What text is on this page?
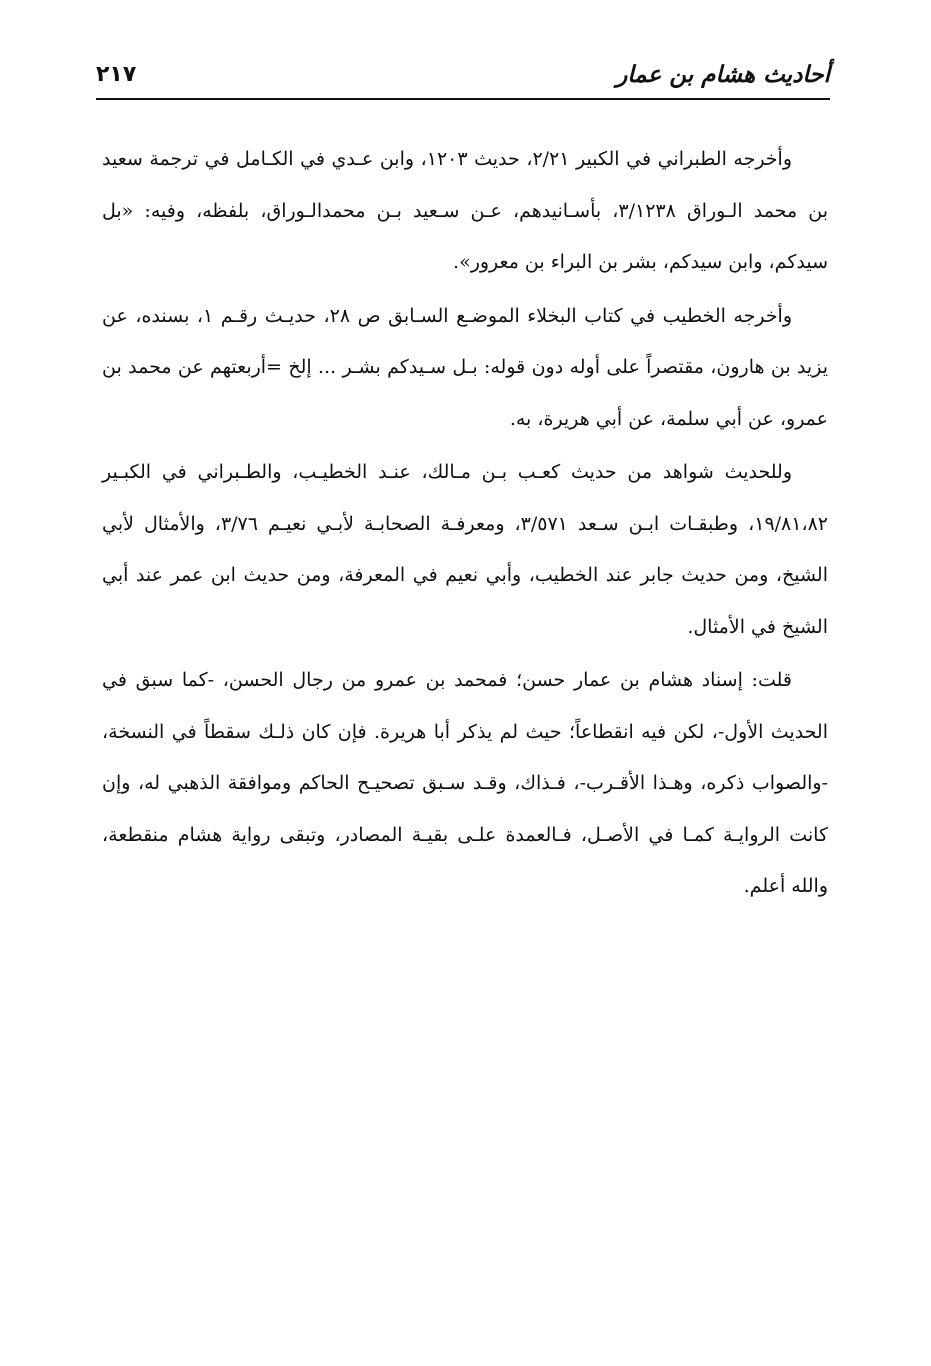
أحاديث هشام بن عمار
٢١٧

وأخرجه الطبراني في الكبير ٢/٢١، حديث ١٢٠٣، وابن عـدي في الكـامل في ترجمة سعيد بن محمد الـوراق ٣/١٢٣٨، بأسـانيدهم، عـن سـعيد بـن محمدالـوراق، بلفظه، وفيه: «بل سيدكم، وابن سيدكم، بشر بن البراء بن معرور».

وأخرجه الخطيب في كتاب البخلاء الموضـع السـابق ص ٢٨، حديـث رقـم ١، بسنده، عن يزيد بن هارون، مقتصراً على أوله دون قوله: بـل سـيدكم بشـر ... إلخ =أربعتهم عن محمد بن عمرو، عن أبي سلمة، عن أبي هريرة، به.

وللحديث شواهد من حديث كعـب بـن مـالك، عنـد الخطيـب، والطـبراني في الكبـير ١٩/٨١،٨٢، وطبقـات ابـن سـعد ٣/٥٧١، ومعرفـة الصحابـة لأبـي نعيـم ٣/٧٦، والأمثال لأبي الشيخ، ومن حديث جابر عند الخطيب، وأبي نعيم في المعرفة، ومن حديث ابن عمر عند أبي الشيخ في الأمثال.

قلت: إسناد هشام بن عمار حسن؛ فمحمد بن عمرو من رجال الحسن، -كما سبق في الحديث الأول-، لكن فيه انقطاعاً؛ حيث لم يذكر أبا هريرة. فإن كان ذلـك سقطاً في النسخة، -والصواب ذكره، وهـذا الأقـرب-، فـذاك، وقـد سـبق تصحيـح الحاكم وموافقة الذهبي له، وإن كانت الروايـة كمـا في الأصـل، فـالعمدة علـى بقيـة المصادر، وتبقى رواية هشام منقطعة، والله أعلم.
